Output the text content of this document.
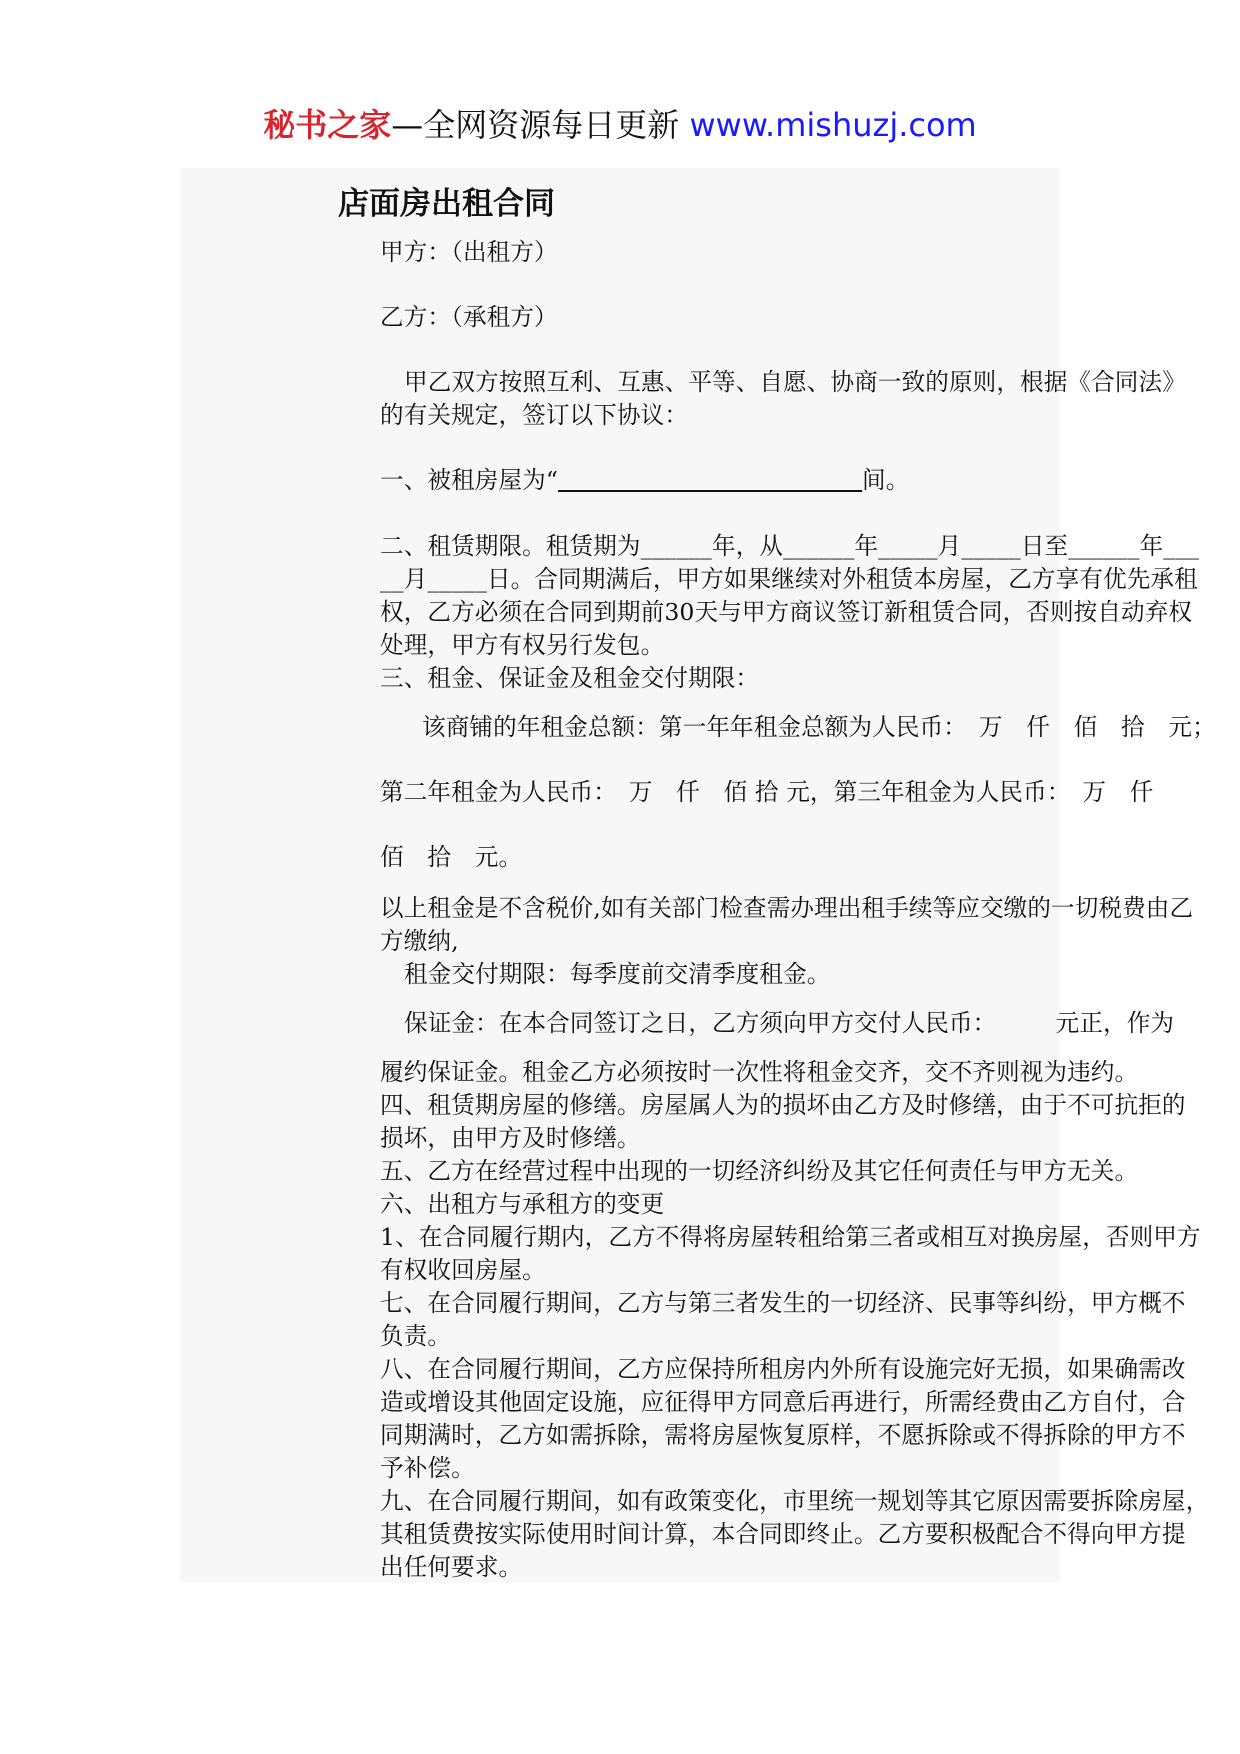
秘书之家—全网资源每日更新 www.mishuzj.com
店面房出租合同
甲方：（出租方）
乙方：（承租方）
甲乙双方按照互利、互惠、平等、自愿、协商一致的原则，根据《合同法》
的有关规定，签订以下协议：
一、被租房屋为“	间。
二、租赁期限。租赁期为______年，从______年_____月_____日至______年___
__月_____日。合同期满后，甲方如果继续对外租赁本房屋，乙方享有优先承租
权，乙方必须在合同到期前30天与甲方商议签订新租赁合同，否则按自动弃权
处理，甲方有权另行发包。
三、租金、保证金及租金交付期限：
该商铺的年租金总额：第一年年租金总额为人民币：　万　仟　佰　拾　元；
第二年租金为人民币：　万　仟　佰 拾 元，第三年租金为人民币：　万　仟
佰　拾　元。
以上租金是不含税价,如有关部门检查需办理出租手续等应交缴的一切税费由乙
方缴纳,
租金交付期限：每季度前交清季度租金。
保证金：在本合同签订之日，乙方须向甲方交付人民币：　　　元正，作为
履约保证金。租金乙方必须按时一次性将租金交齐，交不齐则视为违约。
四、租赁期房屋的修缮。房屋属人为的损坏由乙方及时修缮，由于不可抗拒的
损坏，由甲方及时修缮。
五、乙方在经营过程中出现的一切经济纠纷及其它任何责任与甲方无关。
六、出租方与承租方的变更
1、在合同履行期内，乙方不得将房屋转租给第三者或相互对换房屋，否则甲方
有权收回房屋。
七、在合同履行期间，乙方与第三者发生的一切经济、民事等纠纷，甲方概不
负责。
八、在合同履行期间，乙方应保持所租房内外所有设施完好无损，如果确需改
造或增设其他固定设施，应征得甲方同意后再进行，所需经费由乙方自付，合
同期满时，乙方如需拆除，需将房屋恢复原样，不愿拆除或不得拆除的甲方不
予补偿。
九、在合同履行期间，如有政策变化，市里统一规划等其它原因需要拆除房屋，
其租赁费按实际使用时间计算，本合同即终止。乙方要积极配合不得向甲方提
出任何要求。
